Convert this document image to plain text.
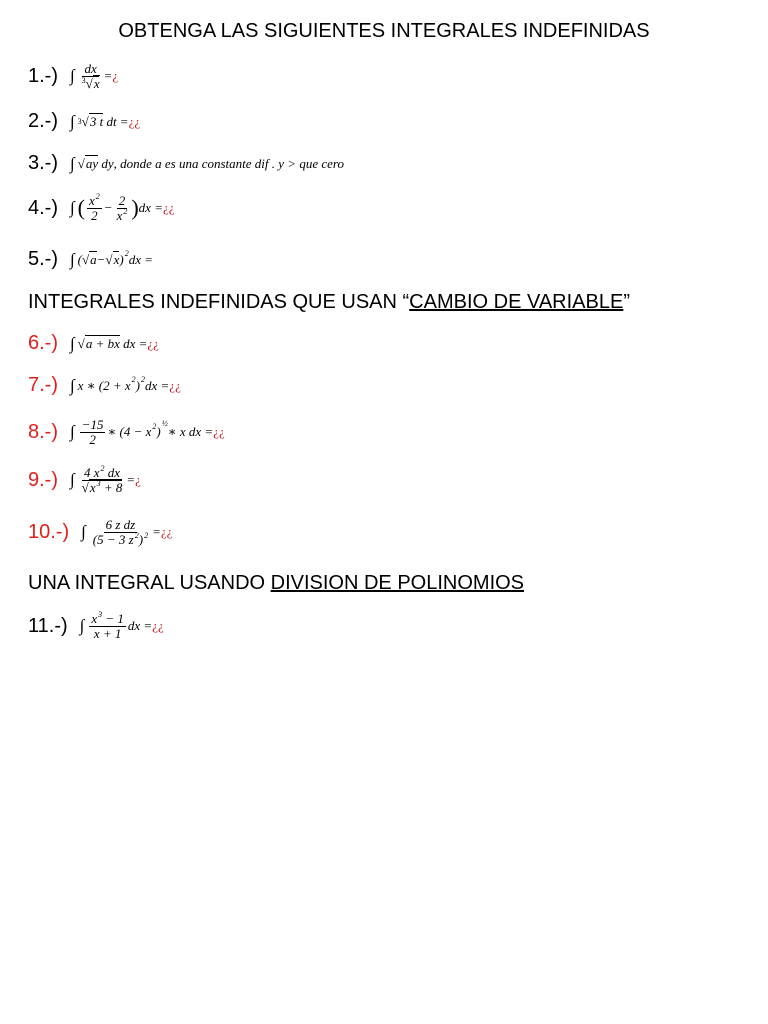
OBTENGA LAS SIGUIENTES INTEGRALES INDEFINIDAS
1.-) ∫ $\frac{dx}{^3√x}$ = ¿
2.-) ∫ 3 √ 3 t dt = ¿¿
3.-) ∫ √ ay dy , donde a es una constante dif . y > que cero
4.-) ∫ ( $\frac{x^2}{2} - \frac{2}{x^2}$ ) dx = ¿¿
5.-) ∫ (√ a −√ x ) 2 dx =
INTEGRALES INDEFINIDAS QUE USAN “CAMBIO DE VARIABLE”
6.-) ∫ √ a + bx dx = ¿¿
7.-) ∫ x ∗ (2 + x 2 ) 2 dx = ¿¿
8.-) ∫ $\frac{-15}{2}$ ∗ (4 − x 2 )
½
∗ x dx = ¿¿
9.-) ∫ $\frac{4 x^2 dx}{√x^3 + 8}$ = ¿
10.-) ∫ $\frac{\text{6 z dz}}{(5 - 3 z^2)^2}$ = ¿¿
UNA INTEGRAL USANDO DIVISION DE POLINOMIOS
11.-) ∫ $\frac{x^3 - 1}{x + 1}$ dx = ¿¿
